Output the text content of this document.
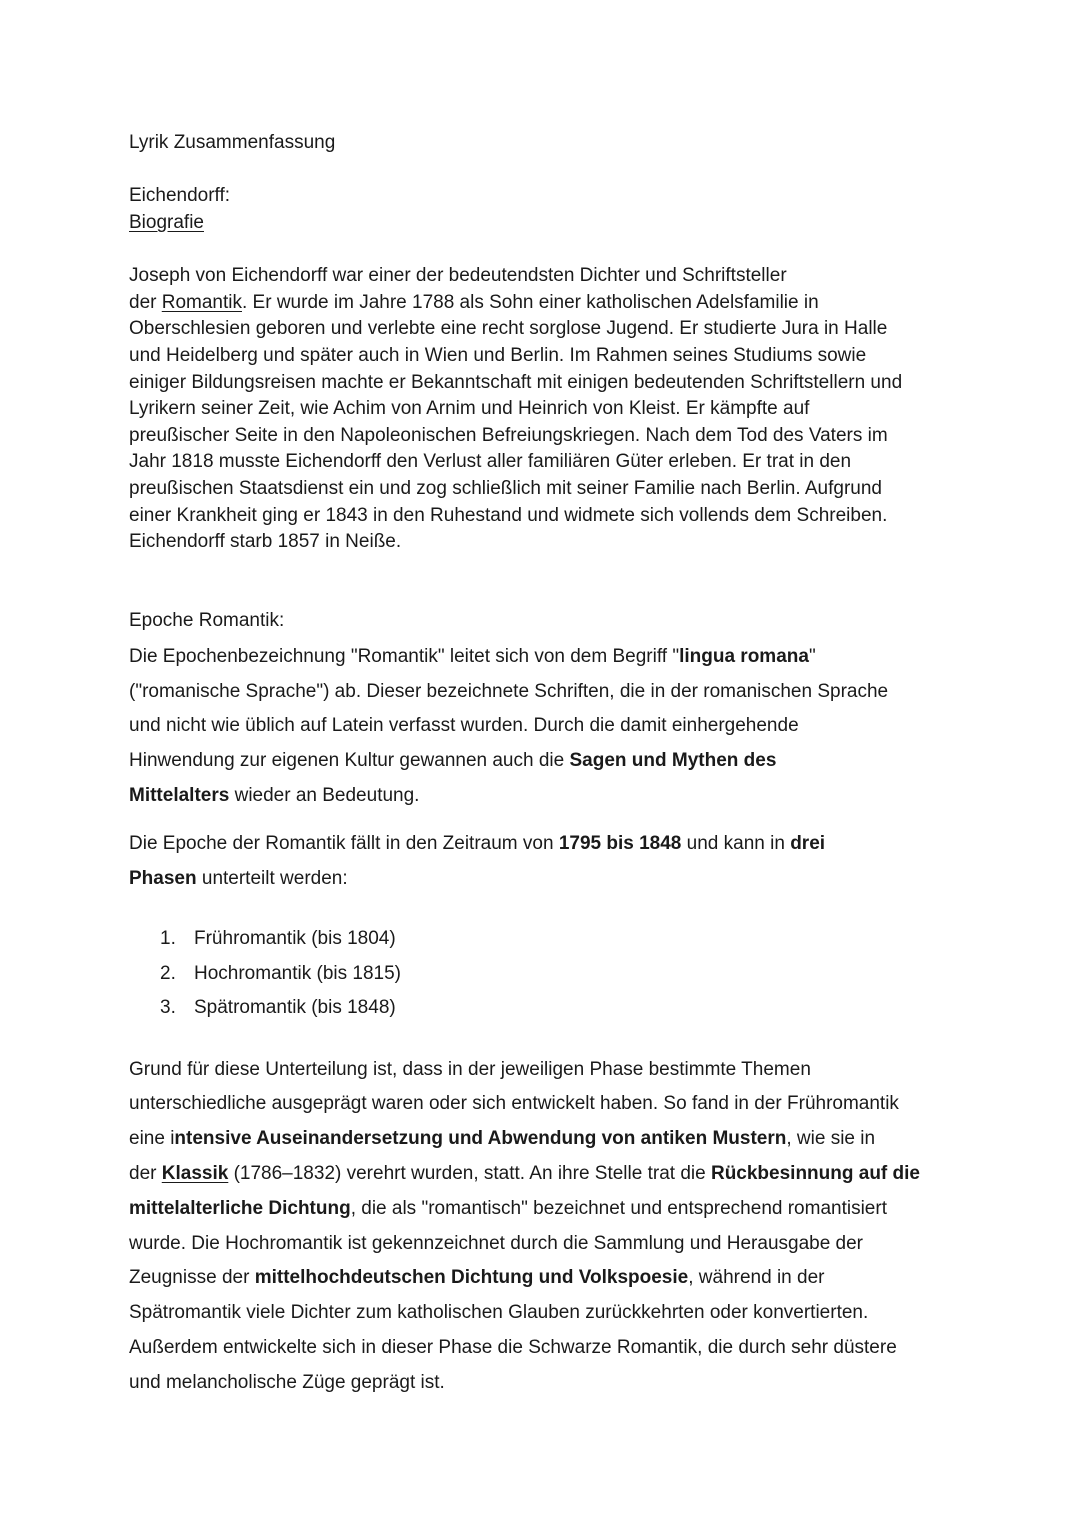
Lyrik Zusammenfassung
Eichendorff:
Biografie
Joseph von Eichendorff war einer der bedeutendsten Dichter und Schriftsteller
der Romantik. Er wurde im Jahre 1788 als Sohn einer katholischen Adelsfamilie in
Oberschlesien geboren und verlebte eine recht sorglose Jugend. Er studierte Jura in Halle
und Heidelberg und später auch in Wien und Berlin. Im Rahmen seines Studiums sowie
einiger Bildungsreisen machte er Bekanntschaft mit einigen bedeutenden Schriftstellern und
Lyrikern seiner Zeit, wie Achim von Arnim und Heinrich von Kleist. Er kämpfte auf
preußischer Seite in den Napoleonischen Befreiungskriegen. Nach dem Tod des Vaters im
Jahr 1818 musste Eichendorff den Verlust aller familiären Güter erleben. Er trat in den
preußischen Staatsdienst ein und zog schließlich mit seiner Familie nach Berlin. Aufgrund
einer Krankheit ging er 1843 in den Ruhestand und widmete sich vollends dem Schreiben.
Eichendorff starb 1857 in Neiße.
Epoche Romantik:
Die Epochenbezeichnung "Romantik" leitet sich von dem Begriff "lingua romana"
("romanische Sprache") ab. Dieser bezeichnete Schriften, die in der romanischen Sprache
und nicht wie üblich auf Latein verfasst wurden. Durch die damit einhergehende
Hinwendung zur eigenen Kultur gewannen auch die Sagen und Mythen des
Mittelalters wieder an Bedeutung.
Die Epoche der Romantik fällt in den Zeitraum von 1795 bis 1848 und kann in drei
Phasen unterteilt werden:
1. Frühromantik (bis 1804)
2. Hochromantik (bis 1815)
3. Spätromantik (bis 1848)
Grund für diese Unterteilung ist, dass in der jeweiligen Phase bestimmte Themen
unterschiedliche ausgeprägt waren oder sich entwickelt haben. So fand in der Frühromantik
eine intensive Auseinandersetzung und Abwendung von antiken Mustern, wie sie in
der Klassik (1786–1832) verehrt wurden, statt. An ihre Stelle trat die Rückbesinnung auf die
mittelalterliche Dichtung, die als "romantisch" bezeichnet und entsprechend romantisiert
wurde. Die Hochromantik ist gekennzeichnet durch die Sammlung und Herausgabe der
Zeugnisse der mittelhochdeutschen Dichtung und Volkspoesie, während in der
Spätromantik viele Dichter zum katholischen Glauben zurückkehrten oder konvertierten.
Außerdem entwickelte sich in dieser Phase die Schwarze Romantik, die durch sehr düstere
und melancholische Züge geprägt ist.
